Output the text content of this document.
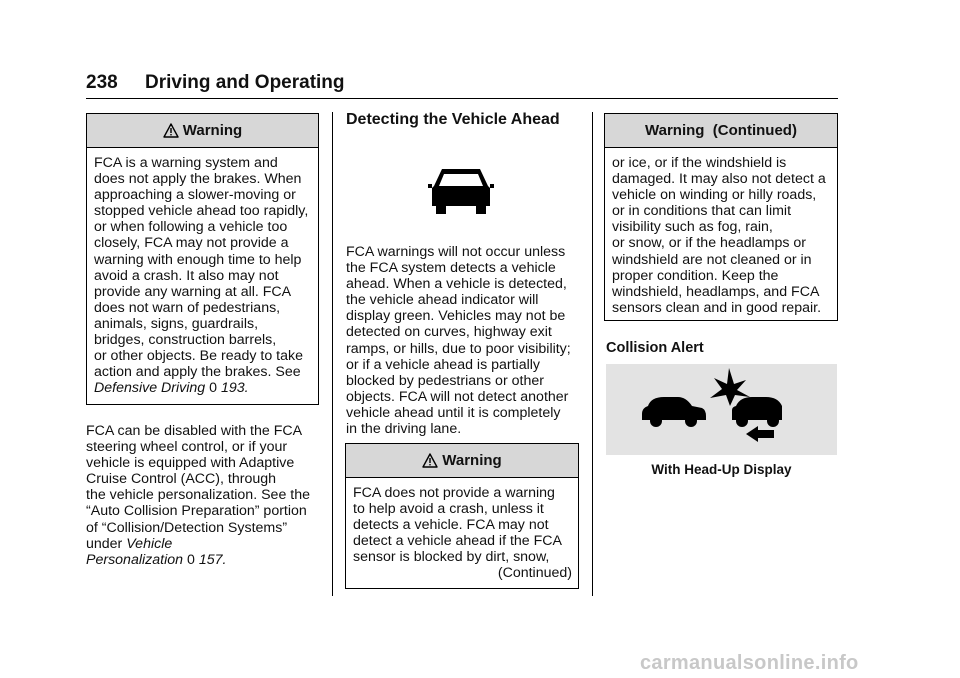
238 Driving and Operating
Warning
FCA is a warning system and
does not apply the brakes. When
approaching a slower-moving or
stopped vehicle ahead too rapidly,
or when following a vehicle too
closely, FCA may not provide a
warning with enough time to help
avoid a crash. It also may not
provide any warning at all. FCA
does not warn of pedestrians,
animals, signs, guardrails,
bridges, construction barrels,
or other objects. Be ready to take
action and apply the brakes. See
Defensive Driving 0 193.
FCA can be disabled with the FCA
steering wheel control, or if your
vehicle is equipped with Adaptive
Cruise Control (ACC), through
the vehicle personalization. See the
“Auto Collision Preparation” portion
of “Collision/Detection Systems”
under Vehicle
Personalization 0 157.
Detecting the Vehicle Ahead
FCA warnings will not occur unless
the FCA system detects a vehicle
ahead. When a vehicle is detected,
the vehicle ahead indicator will
display green. Vehicles may not be
detected on curves, highway exit
ramps, or hills, due to poor visibility;
or if a vehicle ahead is partially
blocked by pedestrians or other
objects. FCA will not detect another
vehicle ahead until it is completely
in the driving lane.
Warning
FCA does not provide a warning
to help avoid a crash, unless it
detects a vehicle. FCA may not
detect a vehicle ahead if the FCA
sensor is blocked by dirt, snow,
(Continued)
Warning  (Continued)
or ice, or if the windshield is
damaged. It may also not detect a
vehicle on winding or hilly roads,
or in conditions that can limit
visibility such as fog, rain,
or snow, or if the headlamps or
windshield are not cleaned or in
proper condition. Keep the
windshield, headlamps, and FCA
sensors clean and in good repair.
Collision Alert
With Head-Up Display
carmanualsonline.info
